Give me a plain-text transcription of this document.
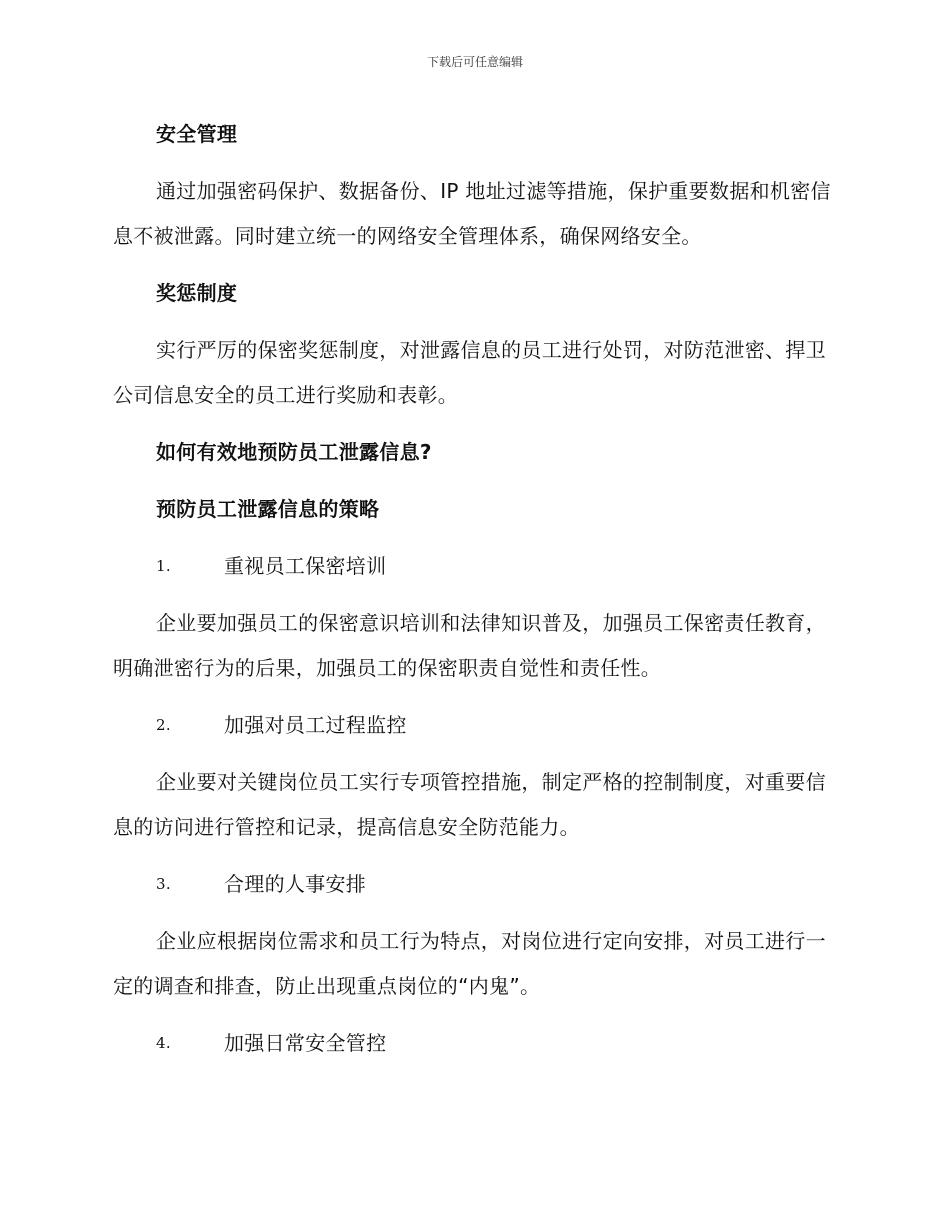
下载后可任意编辑
安全管理
通过加强密码保护、数据备份、IP 地址过滤等措施，保护重要数据和机密信息不被泄露。同时建立统一的网络安全管理体系，确保网络安全。
奖惩制度
实行严厉的保密奖惩制度，对泄露信息的员工进行处罚，对防范泄密、捍卫公司信息安全的员工进行奖励和表彰。
如何有效地预防员工泄露信息?
预防员工泄露信息的策略
1.	重视员工保密培训
企业要加强员工的保密意识培训和法律知识普及，加强员工保密责任教育，明确泄密行为的后果，加强员工的保密职责自觉性和责任性。
2.	加强对员工过程监控
企业要对关键岗位员工实行专项管控措施，制定严格的控制制度，对重要信息的访问进行管控和记录，提高信息安全防范能力。
3.	合理的人事安排
企业应根据岗位需求和员工行为特点，对岗位进行定向安排，对员工进行一定的调查和排查，防止出现重点岗位的“内鬼”。
4.	加强日常安全管控
